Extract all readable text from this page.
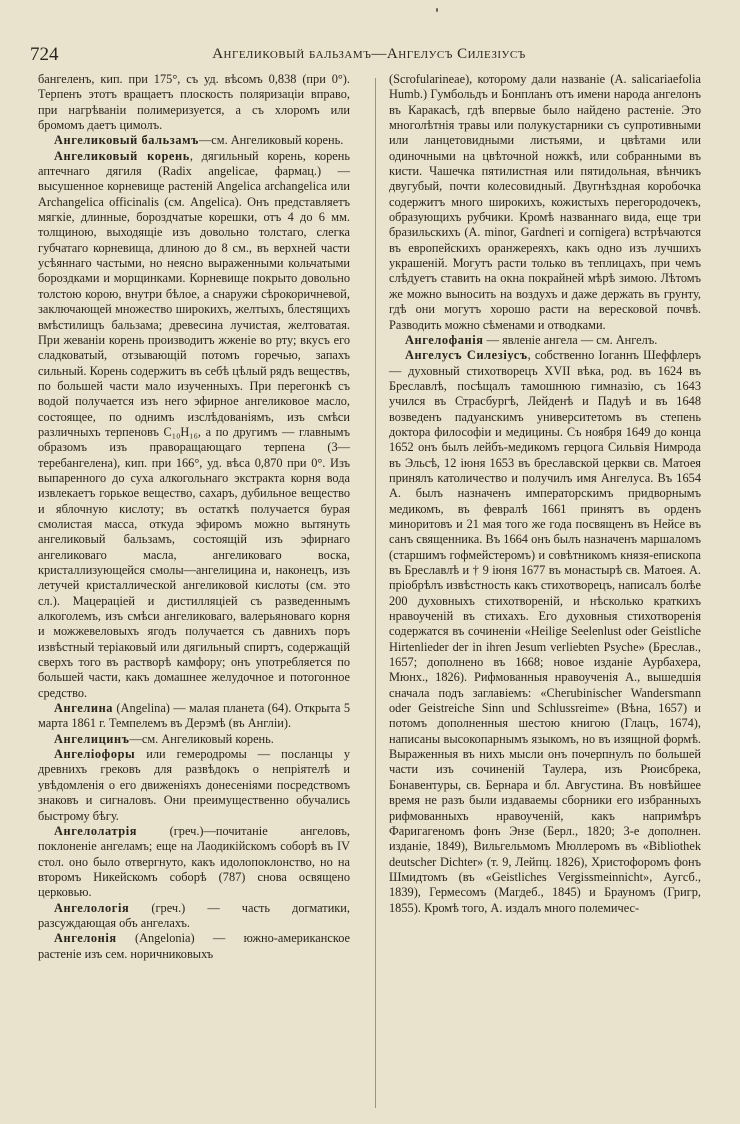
724	Ангеликовый бальзамъ—Ангелусъ Силезiусъ

бангеленъ, кип. при 175°, съ уд. вѣсомъ 0,838 (при 0°). Терпенъ этотъ вращаетъ плоскость поляризацiи вправо, при нагрѣванiи полимеризуется, а съ хлоромъ или бромомъ даетъ цимолъ.

Ангеликовый бальзамъ—см. Ангеликовый корень.

Ангеликовый корень, дягильный корень, корень аптечнаго дягиля (Radix angelicae, фармац.) — высушенное корневище растенiй Angelica archangelica или Archangelica officinalis (см. Angelica). Онъ представляетъ мягкiе, длинные, бороздчатые корешки, отъ 4 до 6 мм. толщиною, выходящiе изъ довольно толстаго, слегка губчатаго корневища, длиною до 8 см., въ верхней части усѣяннаго частыми, но неясно выраженными кольчатыми бороздками и морщинками. Корневище покрыто довольно толстою корою, внутри бѣлое, а снаружи сѣрокоричневой, заключающей множество широкихъ, желтыхъ, блестящихъ вмѣстилищъ бальзама; древесина лучистая, желтоватая. При жеванiи корень производитъ жженiе во рту; вкусъ его сладковатый, отзывающiй потомъ горечью, запахъ сильный. Корень содержитъ въ себѣ цѣлый рядъ веществъ, по большей части мало изученныхъ. При перегонкѣ съ водой получается изъ него эфирное ангеликовое масло, состоящее, по однимъ изслѣдованiямъ, изъ смѣси различныхъ терпеновъ C₁₀H₁₆, а по другимъ — главнымъ образомъ изъ праворащающаго терпена (3—теребангелена), кип. при 166°, уд. вѣса 0,870 при 0°. Изъ выпаренного до суха алкогольнаго экстракта корня вода извлекаетъ горькое вещество, сахаръ, дубильное вещество и яблочную кислоту; въ остаткѣ получается бурая смолистая масса, откуда эфиромъ можно вытянуть ангеликовый бальзамъ, состоящiй изъ эфирнаго ангеликоваго масла, ангеликоваго воска, кристаллизующейся смолы—ангелицина и, наконецъ, изъ летучей кристаллической ангеликовой кислоты (см. это сл.). Мацерацiей и дистилляцiей съ разведеннымъ алкоголемъ, изъ смѣси ангеликоваго, валерьяноваго корня и можжевеловыхъ ягодъ получается съ давнихъ поръ извѣстный терiаковый или дягильный спиртъ, содержащiй сверхъ того въ растворѣ камфору; онъ употребляется по большей части, какъ домашнее желудочное и потогонное средство.

Ангелина (Angelina) — малая планета (64). Открыта 5 марта 1861 г. Темпелемъ въ Дерэмѣ (въ Англiи).

Ангелицинъ—см. Ангеликовый корень.

Ангелiофоры или гемеродромы — посланцы у древнихъ грековъ для развѣдокъ о непрiятелѣ и увѣдомленiя о его движенiяхъ донесенiями посредствомъ знаковъ и сигналовъ. Они преимущественно обучались быстрому бѣгу.

Ангелолатрiя (греч.)—почитанiе ангеловъ, поклоненiе ангеламъ; еще на Лаодикiйскомъ соборѣ въ IV стол. оно было отвергнуто, какъ идолопоклонство, но на второмъ Никейскомъ соборѣ (787) снова освящено церковью.

Ангелологiя (греч.) — часть догматики, разсуждающая объ ангелахъ.

Ангелонiя (Angelonia) — южно-американское растенiе изъ сем. норичниковыхъ

(Scrofularineae), которому дали названiе (A. salicariaefolia Humb.) Гумбольдъ и Бонпланъ отъ имени народа ангелонъ въ Каракасѣ, гдѣ впервые было найдено растенiе. Это многолѣтнiя травы или полукустарники съ супротивными или ланцетовидными листьями, и цвѣтами или одиночными на цвѣточной ножкѣ, или собранными въ кисти. Чашечка пятилистная или пятидольная, вѣнчикъ двугубый, почти колесовидный. Двугнѣздная коробочка содержитъ много широкихъ, кожистыхъ перегородочекъ, образующихъ рубчики. Кромѣ названнаго вида, еще три бразильскихъ (A. minor, Gardneri и cornigera) встрѣчаются въ европейскихъ оранжереяхъ, какъ одно изъ лучшихъ украшенiй. Могутъ расти только въ теплицахъ, при чемъ слѣдуетъ ставить на окна покрайней мѣрѣ зимою. Лѣтомъ же можно выносить на воздухъ и даже держать въ грунту, гдѣ они могутъ хорошо расти на вересковой почвѣ. Разводить можно сѣменами и отводками.

Ангелофанiя — явленiе ангела — см. Ангелъ.

Ангелусъ Силезiусъ, собственно Iоганнъ Шеффлеръ — духовный стихотворецъ XVII вѣка, род. въ 1624 въ Бреславлѣ, посѣщалъ тамошнюю гимназiю, съ 1643 учился въ Страсбургѣ, Лейденѣ и Падуѣ и въ 1648 возведенъ падуанскимъ университетомъ въ степень доктора философiи и медицины. Съ ноября 1649 до конца 1652 онъ былъ лейбъ-медикомъ герцога Сильвiя Нимрода въ Эльсѣ, 12 iюня 1653 въ бреславской церкви св. Матоея принялъ католичество и получилъ имя Ангелуса. Въ 1654 А. былъ назначенъ императорскимъ придворнымъ медикомъ, въ февралѣ 1661 принятъ въ орденъ миноритовъ и 21 мая того же года посвященъ въ Нейсе въ санъ священника. Въ 1664 онъ былъ назначенъ маршаломъ (старшимъ гофмейстеромъ) и совѣтникомъ князя-епископа въ Бреславлѣ и † 9 iюня 1677 въ монастырѣ св. Матоея. А. прiобрѣлъ извѣстность какъ стихотворецъ, написалъ болѣе 200 духовныхъ стихотворенiй, и нѣсколько краткихъ нравоученiй въ стихахъ. Его духовныя стихотворенiя содержатся въ сочиненiи «Heilige Seelenlust oder Geistliche Hirtenlieder der in ihren Jesum verliebten Psyche» (Бреслав., 1657; дополнено въ 1668; новое изданiе Аурбахера, Мюнх., 1826). Рифмованныя нравоученiя А., вышедшiя сначала подъ заглавiемъ: «Cherubinischer Wandersmann oder Geistreiche Sinn und Schlussreime» (Вѣна, 1657) и потомъ дополненныя шестою книгою (Глацъ, 1674), написаны высокопарнымъ языкомъ, но въ изящной формѣ. Выраженныя въ нихъ мысли онъ почерпнулъ по большей части изъ сочиненiй Таулера, изъ Рюисбрека, Бонавентуры, св. Бернара и бл. Августина. Въ новѣйшее время не разъ были издаваемы сборники его избранныхъ рифмованныхъ нравоученiй, какъ напримѣръ Фаригагеномъ фонъ Энзе (Берл., 1820; 3-е дополнен. изданiе, 1849), Вильгельмомъ Мюллеромъ въ «Bibliothek deutscher Dichter» (т. 9, Лейпц. 1826), Христофоромъ фонъ Шмидтомъ (въ «Geistliches Vergissmeinnicht», Аугсб., 1839), Гермесомъ (Магдеб., 1845) и Брауномъ (Григр, 1855). Кромѣ того, А. издалъ много полемичес-
